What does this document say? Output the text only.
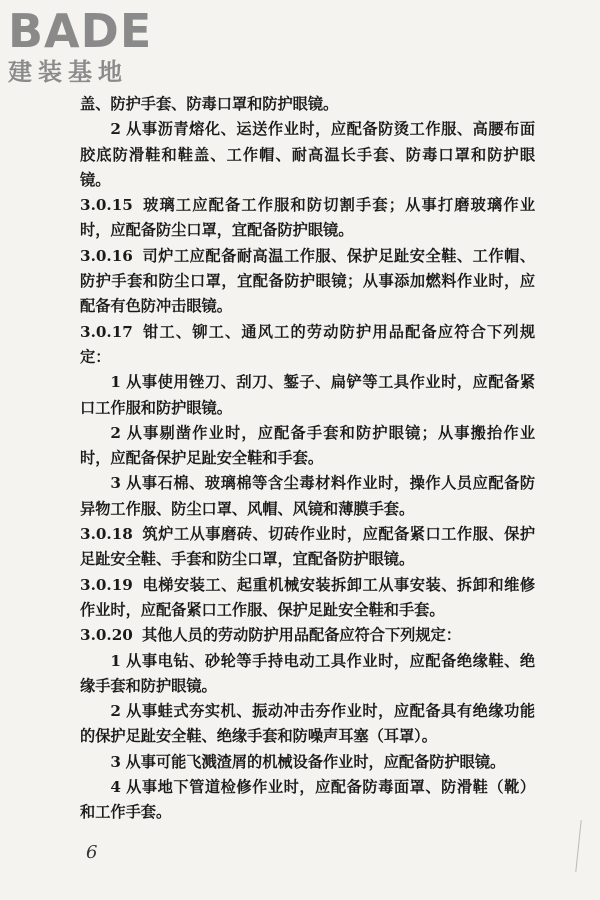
BADE
建装基地

盖、防护手套、防毒口罩和防护眼镜。

2 从事沥青熔化、运送作业时，应配备防烫工作服、高腰布面胶底防滑鞋和鞋盖、工作帽、耐高温长手套、防毒口罩和防护眼镜。

3.0.15 玻璃工应配备工作服和防切割手套；从事打磨玻璃作业时，应配备防尘口罩，宜配备防护眼镜。

3.0.16 司炉工应配备耐高温工作服、保护足趾安全鞋、工作帽、防护手套和防尘口罩，宜配备防护眼镜；从事添加燃料作业时，应配备有色防冲击眼镜。

3.0.17 钳工、铆工、通风工的劳动防护用品配备应符合下列规定：

1 从事使用锉刀、刮刀、錾子、扁铲等工具作业时，应配备紧口工作服和防护眼镜。

2 从事剔凿作业时，应配备手套和防护眼镜；从事搬抬作业时，应配备保护足趾安全鞋和手套。

3 从事石棉、玻璃棉等含尘毒材料作业时，操作人员应配备防异物工作服、防尘口罩、风帽、风镜和薄膜手套。

3.0.18 筑炉工从事磨砖、切砖作业时，应配备紧口工作服、保护足趾安全鞋、手套和防尘口罩，宜配备防护眼镜。

3.0.19 电梯安装工、起重机械安装拆卸工从事安装、拆卸和维修作业时，应配备紧口工作服、保护足趾安全鞋和手套。

3.0.20 其他人员的劳动防护用品配备应符合下列规定：

1 从事电钻、砂轮等手持电动工具作业时，应配备绝缘鞋、绝缘手套和防护眼镜。

2 从事蛙式夯实机、振动冲击夯作业时，应配备具有绝缘功能的保护足趾安全鞋、绝缘手套和防噪声耳塞（耳罩）。

3 从事可能飞溅渣屑的机械设备作业时，应配备防护眼镜。

4 从事地下管道检修作业时，应配备防毒面罩、防滑鞋（靴）和工作手套。

6
